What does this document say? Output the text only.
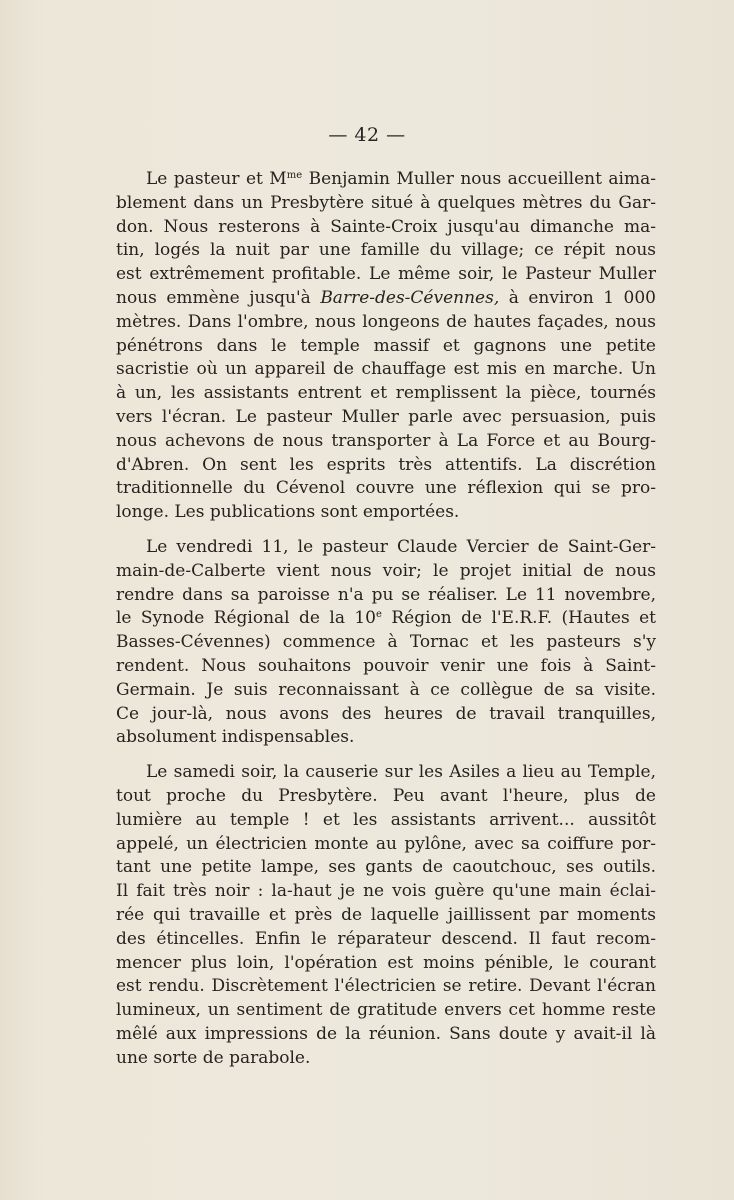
— 42 —
Le pasteur et $M^{me}$ Benjamin Muller nous accueillent aima-
blement dans un Presbytère situé à quelques mètres du Gar-
don. Nous resterons à Sainte-Croix jusqu'au dimanche ma-
tin, logés la nuit par une famille du village; ce répit nous
est extrêmement profitable. Le même soir, le Pasteur Muller
nous emmène jusqu'à Barre-des-Cévennes, à environ 1 000
mètres. Dans l'ombre, nous longeons de hautes façades, nous
pénétrons dans le temple massif et gagnons une petite
sacristie où un appareil de chauffage est mis en marche. Un
à un, les assistants entrent et remplissent la pièce, tournés
vers l'écran. Le pasteur Muller parle avec persuasion, puis
nous achevons de nous transporter à La Force et au Bourg-
d'Abren. On sent les esprits très attentifs. La discrétion
traditionnelle du Cévenol couvre une réflexion qui se pro-
longe. Les publications sont emportées.
Le vendredi 11, le pasteur Claude Vercier de Saint-Ger-
main-de-Calberte vient nous voir; le projet initial de nous
rendre dans sa paroisse n'a pu se réaliser. Le 11 novembre,
le Synode Régional de la 10e Région de l'E.R.F. (Hautes et
Basses-Cévennes) commence à Tornac et les pasteurs s'y
rendent. Nous souhaitons pouvoir venir une fois à Saint-
Germain. Je suis reconnaissant à ce collègue de sa visite.
Ce jour-là, nous avons des heures de travail tranquilles,
absolument indispensables.
Le samedi soir, la causerie sur les Asiles a lieu au Temple,
tout proche du Presbytère. Peu avant l'heure, plus de
lumière au temple ! et les assistants arrivent... aussitôt
appelé, un électricien monte au pylône, avec sa coiffure por-
tant une petite lampe, ses gants de caoutchouc, ses outils.
Il fait très noir : la-haut je ne vois guère qu'une main éclai-
rée qui travaille et près de laquelle jaillissent par moments
des étincelles. Enfin le réparateur descend. Il faut recom-
mencer plus loin, l'opération est moins pénible, le courant
est rendu. Discrètement l'électricien se retire. Devant l'écran
lumineux, un sentiment de gratitude envers cet homme reste
mêlé aux impressions de la réunion. Sans doute y avait-il là
une sorte de parabole.
